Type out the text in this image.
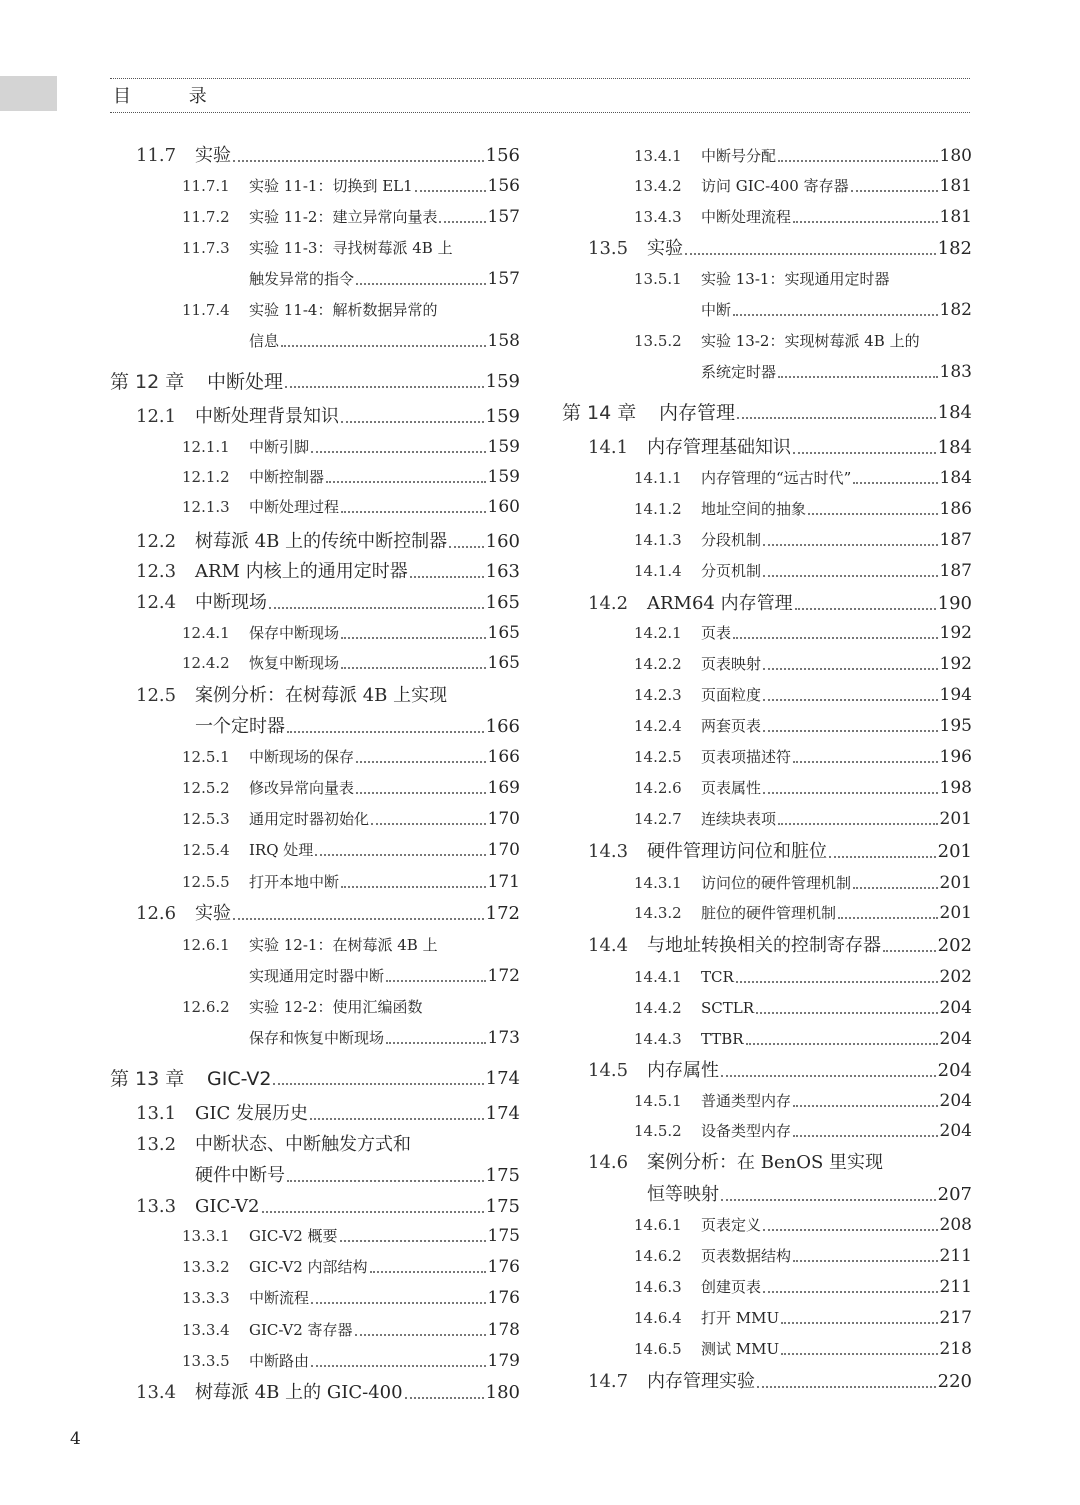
目 录
11.7	实验	156
11.7.1	实验 11-1：切换到 EL1	156
11.7.2	实验 11-2：建立异常向量表	157
11.7.3	实验 11-3：寻找树莓派 4B 上
触发异常的指令	157
11.7.4	实验 11-4：解析数据异常的
信息	158
第 12 章	中断处理	159
12.1	中断处理背景知识	159
12.1.1	中断引脚	159
12.1.2	中断控制器	159
12.1.3	中断处理过程	160
12.2	树莓派 4B 上的传统中断控制器 160
12.3	ARM 内核上的通用定时器	163
12.4	中断现场	165
12.4.1	保存中断现场	165
12.4.2	恢复中断现场	165
12.5	案例分析：在树莓派 4B 上实现
一个定时器	166
12.5.1	中断现场的保存	166
12.5.2	修改异常向量表	169
12.5.3	通用定时器初始化	170
12.5.4	IRQ 处理	170
12.5.5	打开本地中断	171
12.6	实验	172
12.6.1	实验 12-1：在树莓派 4B 上
实现通用定时器中断	172
12.6.2	实验 12-2：使用汇编函数
保存和恢复中断现场	173
第 13 章	GIC-V2	174
13.1	GIC 发展历史	174
13.2	中断状态、中断触发方式和
硬件中断号	175
13.3	GIC-V2	175
13.3.1	GIC-V2 概要	175
13.3.2	GIC-V2 内部结构	176
13.3.3	中断流程	176
13.3.4	GIC-V2 寄存器	178
13.3.5	中断路由	179
13.4	树莓派 4B 上的 GIC-400	180
13.4.1	中断号分配	180
13.4.2	访问 GIC-400 寄存器	181
13.4.3	中断处理流程	181
13.5	实验	182
13.5.1	实验 13-1：实现通用定时器
中断	182
13.5.2	实验 13-2：实现树莓派 4B 上的
系统定时器	183
第 14 章	内存管理	184
14.1	内存管理基础知识	184
14.1.1	内存管理的“远古时代”	184
14.1.2	地址空间的抽象	186
14.1.3	分段机制	187
14.1.4	分页机制	187
14.2	ARM64 内存管理	190
14.2.1	页表	192
14.2.2	页表映射	192
14.2.3	页面粒度	194
14.2.4	两套页表	195
14.2.5	页表项描述符	196
14.2.6	页表属性	198
14.2.7	连续块表项	201
14.3	硬件管理访问位和脏位	201
14.3.1	访问位的硬件管理机制	201
14.3.2	脏位的硬件管理机制	201
14.4	与地址转换相关的控制寄存器	202
14.4.1	TCR	202
14.4.2	SCTLR	204
14.4.3	TTBR	204
14.5	内存属性	204
14.5.1	普通类型内存	204
14.5.2	设备类型内存	204
14.6	案例分析：在 BenOS 里实现
恒等映射	207
14.6.1	页表定义	208
14.6.2	页表数据结构	211
14.6.3	创建页表	211
14.6.4	打开 MMU	217
14.6.5	测试 MMU	218
14.7	内存管理实验	220
4
